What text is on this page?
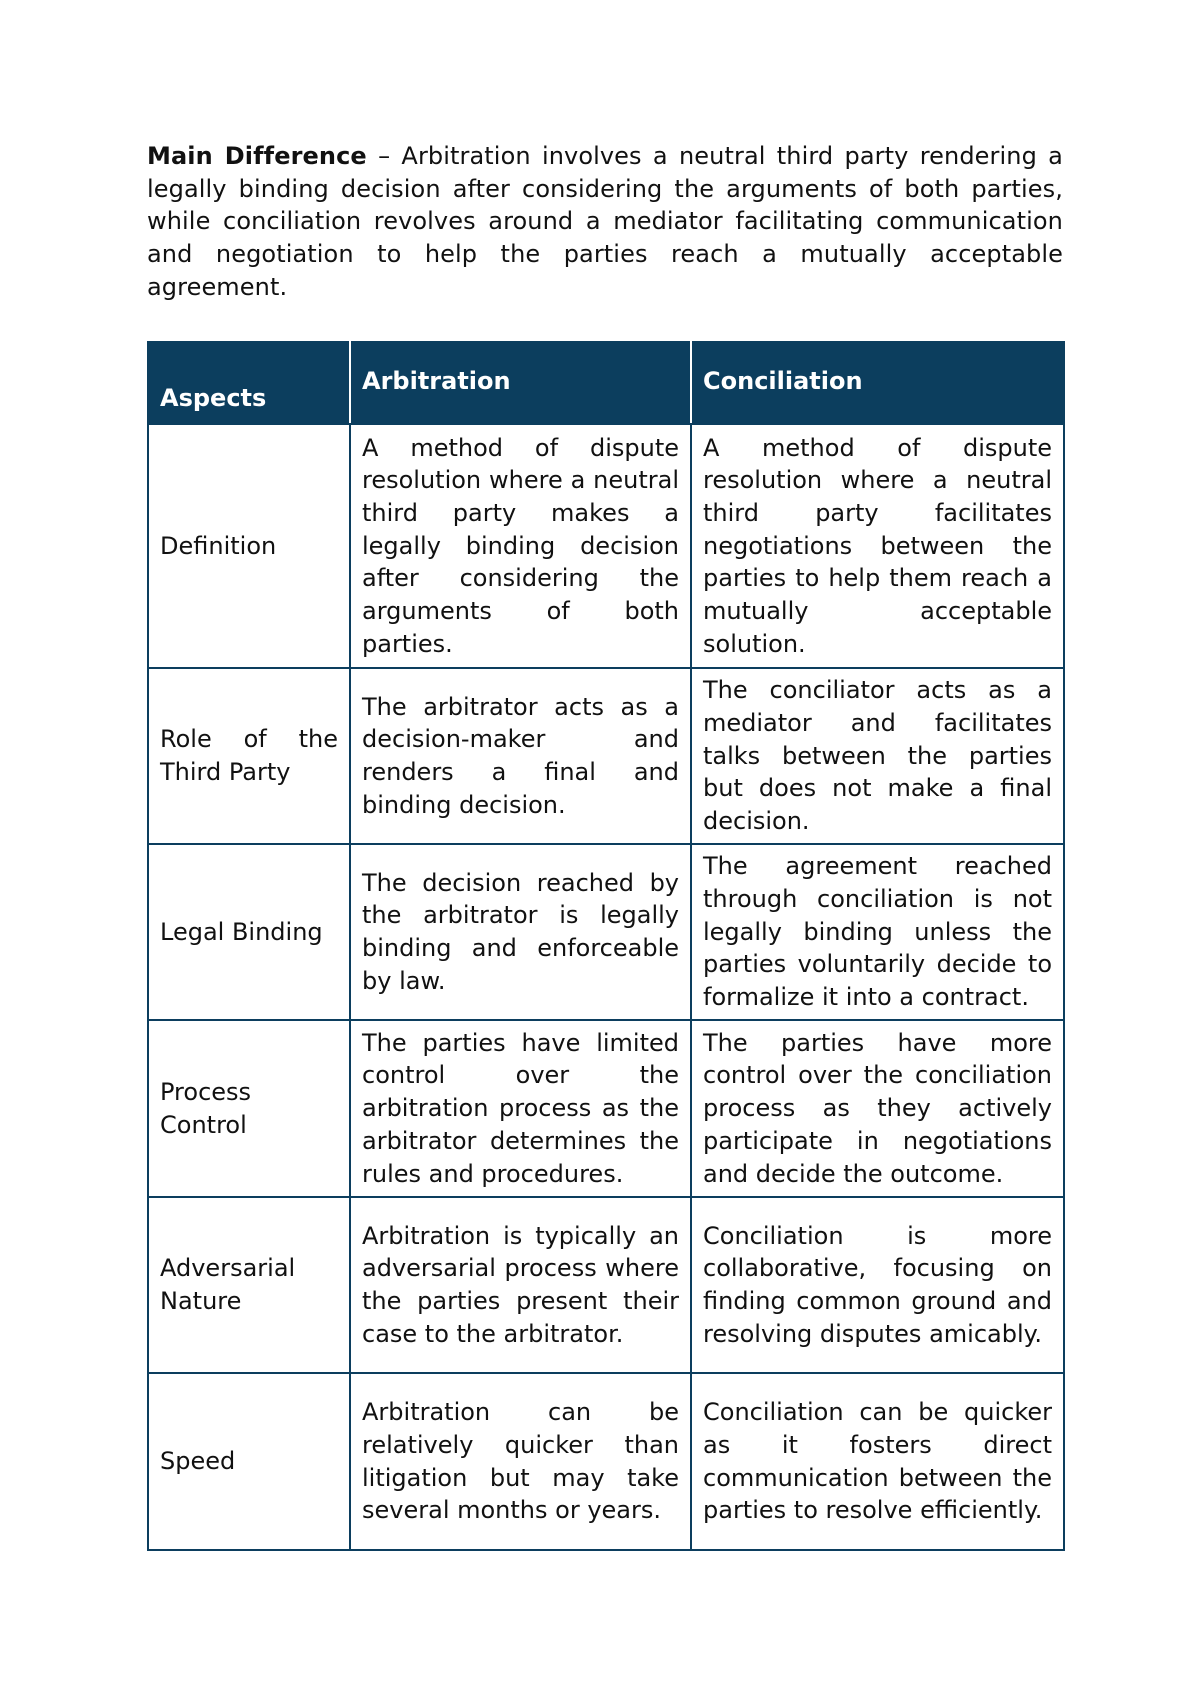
Main Difference – Arbitration involves a neutral third party rendering a legally binding decision after considering the arguments of both parties, while conciliation revolves around a mediator facilitating communication and negotiation to help the parties reach a mutually acceptable agreement.

Aspects	Arbitration	Conciliation
Definition	A method of dispute resolution where a neutral third party makes a legally binding decision after considering the arguments of both parties.	A method of dispute resolution where a neutral third party facilitates negotiations between the parties to help them reach a mutually acceptable solution.
Role of the Third Party	The arbitrator acts as a decision-maker and renders a final and binding decision.	The conciliator acts as a mediator and facilitates talks between the parties but does not make a final decision.
Legal Binding	The decision reached by the arbitrator is legally binding and enforceable by law.	The agreement reached through conciliation is not legally binding unless the parties voluntarily decide to formalize it into a contract.
Process Control	The parties have limited control over the arbitration process as the arbitrator determines the rules and procedures.	The parties have more control over the conciliation process as they actively participate in negotiations and decide the outcome.
Adversarial Nature	Arbitration is typically an adversarial process where the parties present their case to the arbitrator.	Conciliation is more collaborative, focusing on finding common ground and resolving disputes amicably.
Speed	Arbitration can be relatively quicker than litigation but may take several months or years.	Conciliation can be quicker as it fosters direct communication between the parties to resolve efficiently.
